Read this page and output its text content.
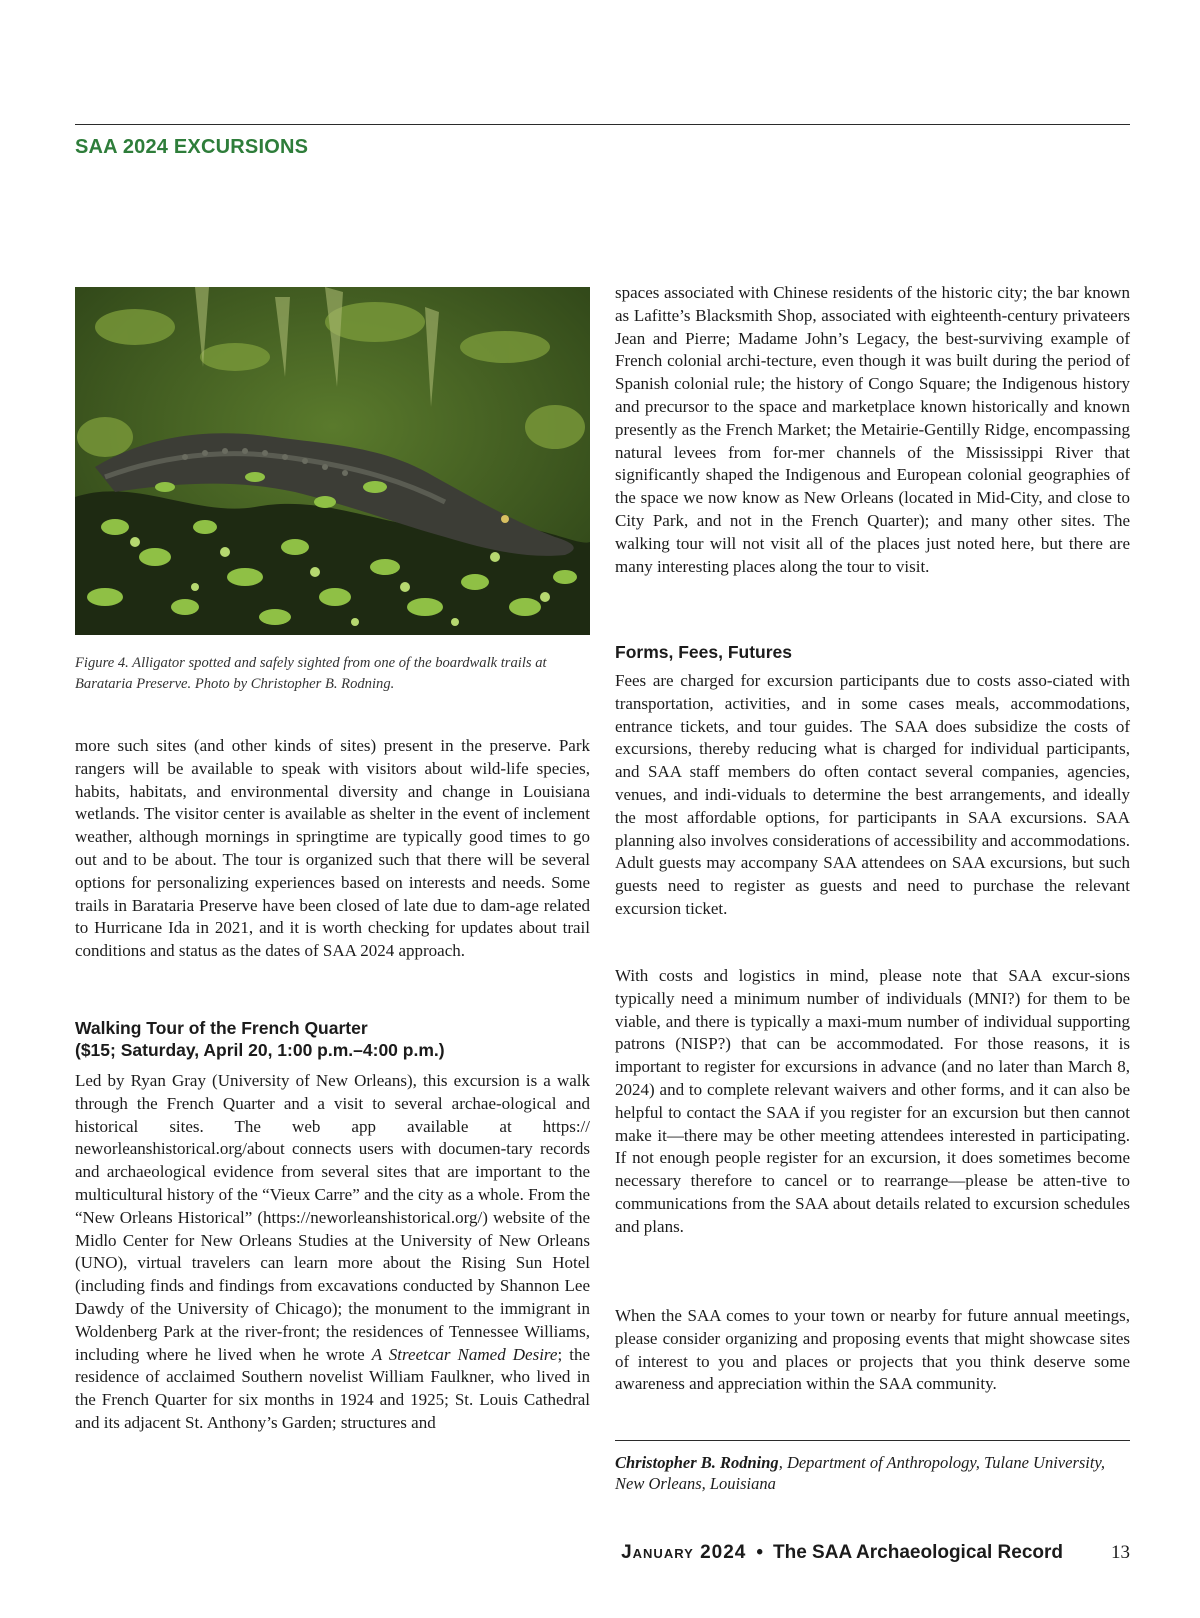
SAA 2024 EXCURSIONS
Figure 4. Alligator spotted and safely sighted from one of the boardwalk trails at Barataria Preserve. Photo by Christopher B. Rodning.

more such sites (and other kinds of sites) present in the preserve. Park rangers will be available to speak with visitors about wild-life species, habits, habitats, and environmental diversity and change in Louisiana wetlands. The visitor center is available as shelter in the event of inclement weather, although mornings in springtime are typically good times to go out and to be about. The tour is organized such that there will be several options for personalizing experiences based on interests and needs. Some trails in Barataria Preserve have been closed of late due to dam-age related to Hurricane Ida in 2021, and it is worth checking for updates about trail conditions and status as the dates of SAA 2024 approach.

Walking Tour of the French Quarter

($15; Saturday, April 20, 1:00 p.m.–4:00 p.m.)

Led by Ryan Gray (University of New Orleans), this excursion is a walk through the French Quarter and a visit to several archae-ological and historical sites. The web app available at https:// neworleanshistorical.org/about connects users with documen-tary records and archaeological evidence from several sites that are important to the multicultural history of the “Vieux Carre” and the city as a whole. From the “New Orleans Historical” (https://neworleanshistorical.org/) website of the Midlo Center for New Orleans Studies at the University of New Orleans (UNO), virtual travelers can learn more about the Rising Sun Hotel (including finds and findings from excavations conducted by Shannon Lee Dawdy of the University of Chicago); the monument to the immigrant in Woldenberg Park at the river-front; the residences of Tennessee Williams, including where he lived when he wrote A Streetcar Named Desire; the residence of acclaimed Southern novelist William Faulkner, who lived in the French Quarter for six months in 1924 and 1925; St. Louis Cathedral and its adjacent St. Anthony’s Garden; structures and

spaces associated with Chinese residents of the historic city; the bar known as Lafitte’s Blacksmith Shop, associated with eighteenth-century privateers Jean and Pierre; Madame John’s Legacy, the best-surviving example of French colonial archi-tecture, even though it was built during the period of Spanish colonial rule; the history of Congo Square; the Indigenous history and precursor to the space and marketplace known historically and known presently as the French Market; the Metairie-Gentilly Ridge, encompassing natural levees from for-mer channels of the Mississippi River that significantly shaped the Indigenous and European colonial geographies of the space we now know as New Orleans (located in Mid-City, and close to City Park, and not in the French Quarter); and many other sites. The walking tour will not visit all of the places just noted here, but there are many interesting places along the tour to visit.

Forms, Fees, Futures

Fees are charged for excursion participants due to costs asso-ciated with transportation, activities, and in some cases meals, accommodations, entrance tickets, and tour guides. The SAA does subsidize the costs of excursions, thereby reducing what is charged for individual participants, and SAA staff members do often contact several companies, agencies, venues, and indi-viduals to determine the best arrangements, and ideally the most affordable options, for participants in SAA excursions. SAA planning also involves considerations of accessibility and accommodations. Adult guests may accompany SAA attendees on SAA excursions, but such guests need to register as guests and need to purchase the relevant excursion ticket.

With costs and logistics in mind, please note that SAA excur-sions typically need a minimum number of individuals (MNI?) for them to be viable, and there is typically a maxi-mum number of individual supporting patrons (NISP?) that can be accommodated. For those reasons, it is important to register for excursions in advance (and no later than March 8, 2024) and to complete relevant waivers and other forms, and it can also be helpful to contact the SAA if you register for an excursion but then cannot make it—there may be other meeting attendees interested in participating. If not enough people register for an excursion, it does sometimes become necessary therefore to cancel or to rearrange—please be atten-tive to communications from the SAA about details related to excursion schedules and plans.

When the SAA comes to your town or nearby for future annual meetings, please consider organizing and proposing events that might showcase sites of interest to you and places or projects that you think deserve some awareness and appreciation within the SAA community.

Christopher B. Rodning, Department of Anthropology, Tulane University, New Orleans, Louisiana
January 2024 • The SAA Archaeological Record	13
